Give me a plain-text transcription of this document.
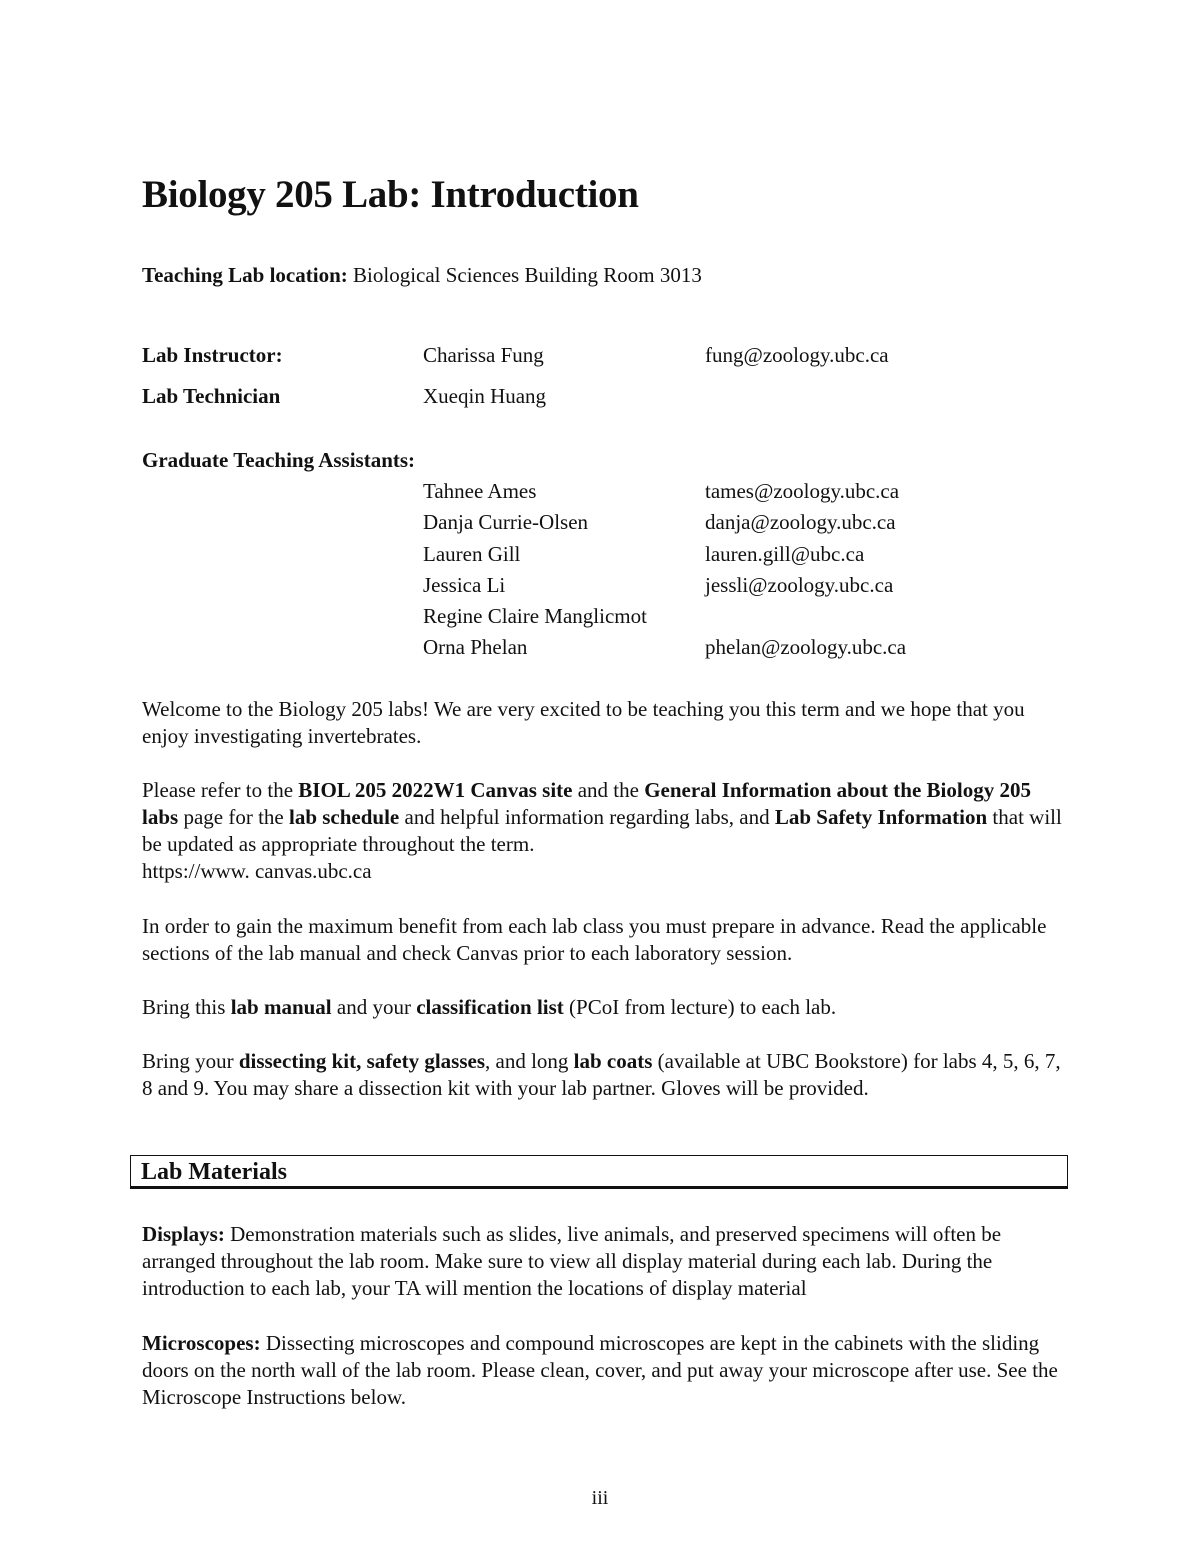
Biology 205 Lab: Introduction
Teaching Lab location: Biological Sciences Building Room 3013
Lab Instructor:	Charissa Fung	fung@zoology.ubc.ca
Lab Technician	Xueqin Huang
Graduate Teaching Assistants:
Tahnee Ames	tames@zoology.ubc.ca
Danja Currie-Olsen	danja@zoology.ubc.ca
Lauren Gill	lauren.gill@ubc.ca
Jessica Li	jessli@zoology.ubc.ca
Regine Claire Manglicmot
Orna Phelan	phelan@zoology.ubc.ca

Welcome to the Biology 205 labs! We are very excited to be teaching you this term and we hope that you enjoy investigating invertebrates.

Please refer to the BIOL 205 2022W1 Canvas site and the General Information about the Biology 205 labs page for the lab schedule and helpful information regarding labs, and Lab Safety Information that will be updated as appropriate throughout the term.
https://www. canvas.ubc.ca

In order to gain the maximum benefit from each lab class you must prepare in advance. Read the applicable sections of the lab manual and check Canvas prior to each laboratory session.

Bring this lab manual and your classification list (PCoI from lecture) to each lab.

Bring your dissecting kit, safety glasses, and long lab coats (available at UBC Bookstore) for labs 4, 5, 6, 7, 8 and 9. You may share a dissection kit with your lab partner. Gloves will be provided.

Lab Materials

Displays: Demonstration materials such as slides, live animals, and preserved specimens will often be arranged throughout the lab room. Make sure to view all display material during each lab. During the introduction to each lab, your TA will mention the locations of display material

Microscopes: Dissecting microscopes and compound microscopes are kept in the cabinets with the sliding doors on the north wall of the lab room. Please clean, cover, and put away your microscope after use. See the Microscope Instructions below.

iii
